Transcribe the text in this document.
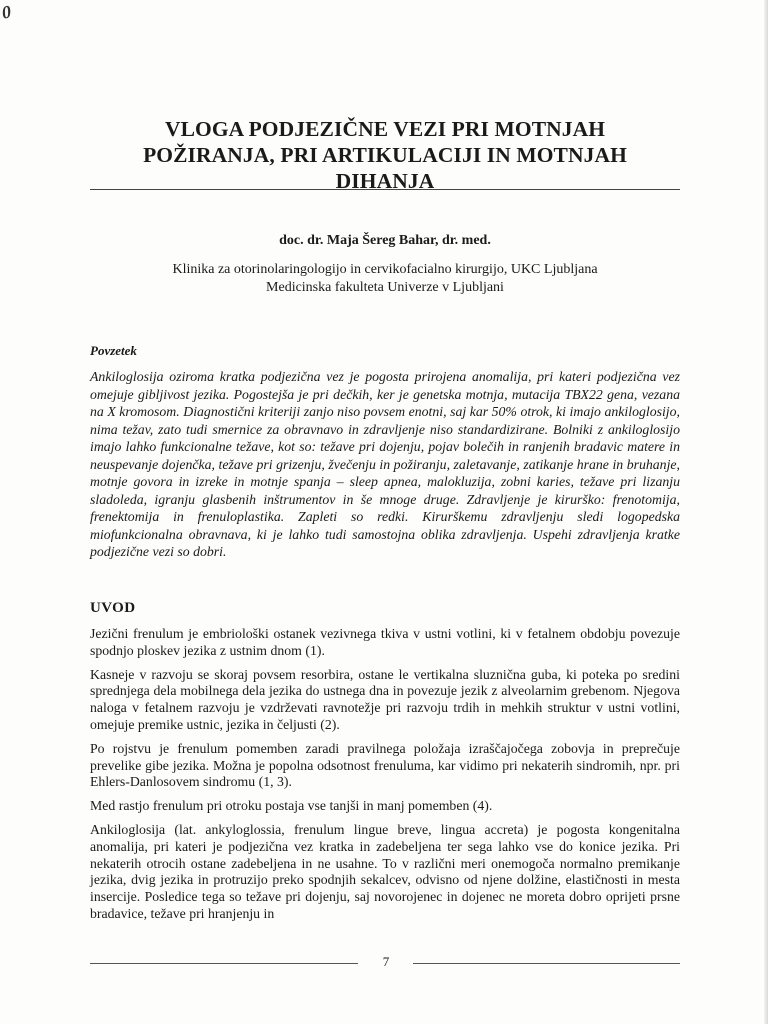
0
VLOGA PODJEZIČNE VEZI PRI MOTNJAH
POŽIRANJA, PRI ARTIKULACIJI IN MOTNJAH
DIHANJA

doc. dr. Maja Šereg Bahar, dr. med.

Klinika za otorinolaringologijo in cervikofacialno kirurgijo, UKC Ljubljana
Medicinska fakulteta Univerze v Ljubljani

Povzetek

Ankiloglosija oziroma kratka podjezična vez je pogosta prirojena anomalija, pri kateri podjezična vez omejuje gibljivost jezika. Pogostejša je pri dečkih, ker je genetska motnja, mutacija TBX22 gena, vezana na X kromosom. Diagnostični kriteriji zanjo niso povsem enotni, saj kar 50% otrok, ki imajo ankiloglosijo, nima težav, zato tudi smernice za obravnavo in zdravljenje niso standardizirane. Bolniki z ankiloglosijo imajo lahko funkcionalne težave, kot so: težave pri dojenju, pojav bolečih in ranjenih bradavic matere in neuspevanje dojenčka, težave pri grizenju, žvečenju in požiranju, zaletavanje, zatikanje hrane in bruhanje, motnje govora in izreke in motnje spanja – sleep apnea, malokluzija, zobni karies, težave pri lizanju sladoleda, igranju glasbenih inštrumentov in še mnoge druge. Zdravljenje je kirurško: frenotomija, frenektomija in frenuloplastika. Zapleti so redki. Kirurškemu zdravljenju sledi logopedska miofunkcionalna obravnava, ki je lahko tudi samostojna oblika zdravljenja. Uspehi zdravljenja kratke podjezične vezi so dobri.

UVOD

Jezični frenulum je embriološki ostanek vezivnega tkiva v ustni votlini, ki v fetalnem obdobju povezuje spodnjo ploskev jezika z ustnim dnom (1).

Kasneje v razvoju se skoraj povsem resorbira, ostane le vertikalna sluznična guba, ki poteka po sredini sprednjega dela mobilnega dela jezika do ustnega dna in povezuje jezik z alveolarnim grebenom. Njegova naloga v fetalnem razvoju je vzdrževati ravnotežje pri razvoju trdih in mehkih struktur v ustni votlini, omejuje premike ustnic, jezika in čeljusti (2).

Po rojstvu je frenulum pomemben zaradi pravilnega položaja izraščajočega zobovja in preprečuje prevelike gibe jezika. Možna je popolna odsotnost frenuluma, kar vidimo pri nekaterih sindromih, npr. pri Ehlers-Danlosovem sindromu (1, 3).

Med rastjo frenulum pri otroku postaja vse tanjši in manj pomemben (4).

Ankiloglosija (lat. ankyloglossia, frenulum lingue breve, lingua accreta) je pogosta kongenitalna anomalija, pri kateri je podjezična vez kratka in zadebeljena ter sega lahko vse do konice jezika. Pri nekaterih otrocih ostane zadebeljena in ne usahne. To v različni meri onemogoča normalno premikanje jezika, dvig jezika in protruzijo preko spodnjih sekalcev, odvisno od njene dolžine, elastičnosti in mesta insercije. Posledice tega so težave pri dojenju, saj novorojenec in dojenec ne moreta dobro oprijeti prsne bradavice, težave pri hranjenju in

7
